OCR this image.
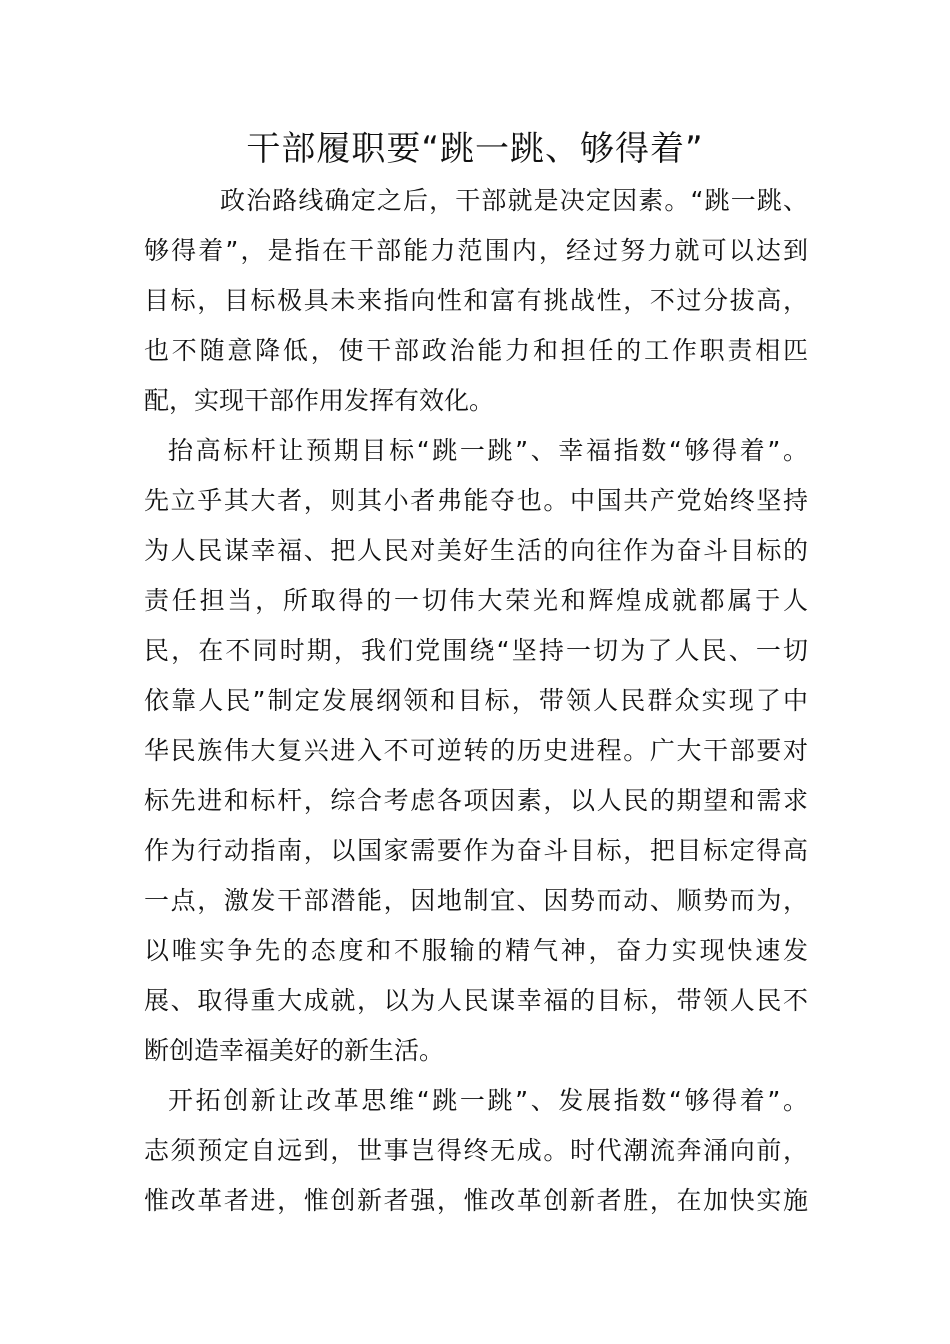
干部履职要“跳一跳、够得着”
政治路线确定之后，干部就是决定因素。“跳一跳、
够得着”，是指在干部能力范围内，经过努力就可以达到
目标，目标极具未来指向性和富有挑战性，不过分拔高，
也不随意降低，使干部政治能力和担任的工作职责相匹
配，实现干部作用发挥有效化。
抬高标杆让预期目标“跳一跳”、幸福指数“够得着”。
先立乎其大者，则其小者弗能夺也。中国共产党始终坚持
为人民谋幸福、把人民对美好生活的向往作为奋斗目标的
责任担当，所取得的一切伟大荣光和辉煌成就都属于人
民，在不同时期，我们党围绕“坚持一切为了人民、一切
依靠人民”制定发展纲领和目标，带领人民群众实现了中
华民族伟大复兴进入不可逆转的历史进程。广大干部要对
标先进和标杆，综合考虑各项因素，以人民的期望和需求
作为行动指南，以国家需要作为奋斗目标，把目标定得高
一点，激发干部潜能，因地制宜、因势而动、顺势而为，
以唯实争先的态度和不服输的精气神，奋力实现快速发
展、取得重大成就，以为人民谋幸福的目标，带领人民不
断创造幸福美好的新生活。
开拓创新让改革思维“跳一跳”、发展指数“够得着”。
志须预定自远到，世事岂得终无成。时代潮流奔涌向前，
惟改革者进，惟创新者强，惟改革创新者胜，在加快实施
